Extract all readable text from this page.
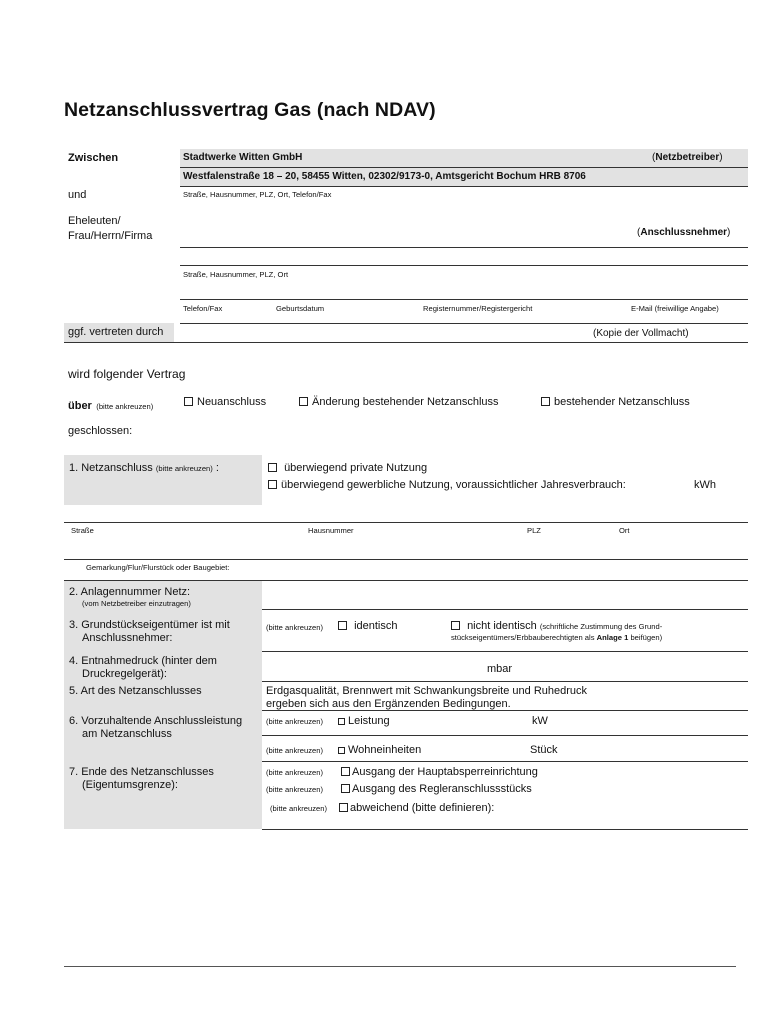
Netzanschlussvertrag Gas (nach NDAV)
Zwischen	Stadtwerke Witten GmbH	(Netzbetreiber)
Westfalenstraße 18 – 20, 58455 Witten, 02302/9173-0, Amtsgericht Bochum HRB 8706
Straße, Hausnummer, PLZ, Ort, Telefon/Fax
und
Eheleuten/
Frau/Herrn/Firma	(Anschlussnehmer)
Straße, Hausnummer, PLZ, Ort
Telefon/Fax	Geburtsdatum	Registernummer/Registergericht	E-Mail (freiwillige Angabe)
ggf. vertreten durch	(Kopie der Vollmacht)
wird folgender Vertrag
über (bitte ankreuzen)	Neuanschluss	Änderung bestehender Netzanschluss	bestehender Netzanschluss
geschlossen:
1. Netzanschluss (bitte ankreuzen) :	überwiegend private Nutzung
überwiegend gewerbliche Nutzung, voraussichtlicher Jahresverbrauch:	kWh
Straße	Hausnummer	PLZ	Ort
Gemarkung/Flur/Flurstück oder Baugebiet:
2. Anlagennummer Netz:
(vom Netzbetreiber einzutragen)
3. Grundstückseigentümer ist mit
Anschlussnehmer:
(bitte ankreuzen)	identisch	nicht identisch (schriftliche Zustimmung des Grund-
stückseigentümers/Erbbauberechtigten als Anlage 1 beifügen)
4. Entnahmedruck (hinter dem
Druckregelgerät):	mbar
5. Art des Netzanschlusses	Erdgasqualität, Brennwert mit Schwankungsbreite und Ruhedruck
ergeben sich aus den Ergänzenden Bedingungen.
6. Vorzuhaltende Anschlussleistung
am Netzanschluss
(bitte ankreuzen)	Leistung	kW
(bitte ankreuzen)	Wohneinheiten	Stück
7. Ende des Netzanschlusses
(Eigentumsgrenze):
(bitte ankreuzen)	Ausgang der Hauptabsperreinrichtung
(bitte ankreuzen)	Ausgang des Regleranschlussstücks
(bitte ankreuzen)	abweichend (bitte definieren):
